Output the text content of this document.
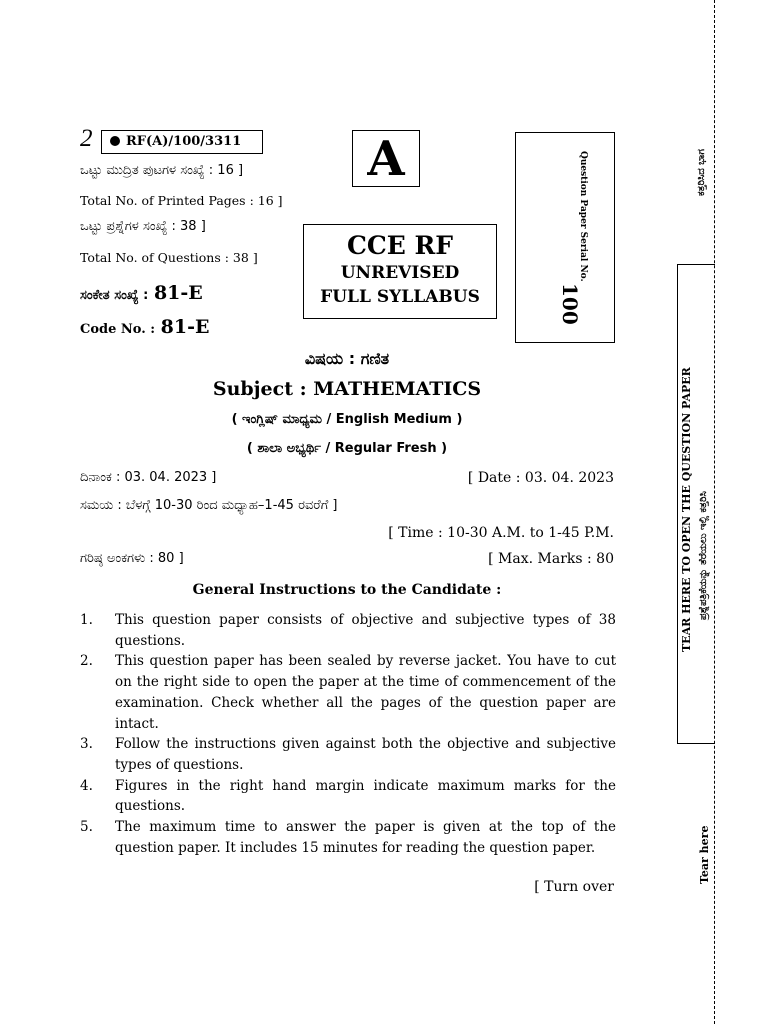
2	RF(A)/100/3311
ಒಟ್ಟು ಮುದ್ರಿತ ಪುಟಗಳ ಸಂಖ್ಯೆ : 16 ]
Total No. of Printed Pages : 16 ]
ಒಟ್ಟು ಪ್ರಶ್ನೆಗಳ ಸಂಖ್ಯೆ : 38 ]
Total No. of Questions : 38 ]
ಸಂಕೇತ ಸಂಖ್ಯೆ : 81-E
Code No. : 81-E
A
CCE RF
UNREVISED
FULL SYLLABUS
Question Paper Serial No.
100
ವಿಷಯ : ಗಣಿತ
Subject : MATHEMATICS
( ಇಂಗ್ಲಿಷ್ ಮಾಧ್ಯಮ / English Medium )
( ಶಾಲಾ ಅಭ್ಯರ್ಥಿ / Regular Fresh )
ದಿನಾಂಕ : 03. 04. 2023 ]	[ Date : 03. 04. 2023
ಸಮಯ : ಬೆಳಗ್ಗೆ 10-30 ರಿಂದ ಮಧ್ಯಾಹ–1-45 ರವರೆಗೆ ]
[ Time : 10-30 A.M. to 1-45 P.M.
ಗರಿಷ್ಠ ಅಂಕಗಳು : 80 ]	[ Max. Marks : 80
General Instructions to the Candidate :
1.	This question paper consists of objective and subjective types of 38 questions.
2.	This question paper has been sealed by reverse jacket. You have to cut on the right side to open the paper at the time of commencement of the examination. Check whether all the pages of the question paper are intact.
3.	Follow the instructions given against both the objective and subjective types of questions.
4.	Figures in the right hand margin indicate maximum marks for the questions.
5.	The maximum time to answer the paper is given at the top of the question paper. It includes 15 minutes for reading the question paper.
[ Turn over
ಕತ್ತರಿಸಿದ ಭಾಗ
TEAR HERE TO OPEN THE QUESTION PAPER ಪ್ರಶ್ನೆಪತ್ರಿಕೆಯನ್ನು ತೆರೆಯಲು ಇಲ್ಲಿ ಕತ್ತರಿಸಿ
Tear here
